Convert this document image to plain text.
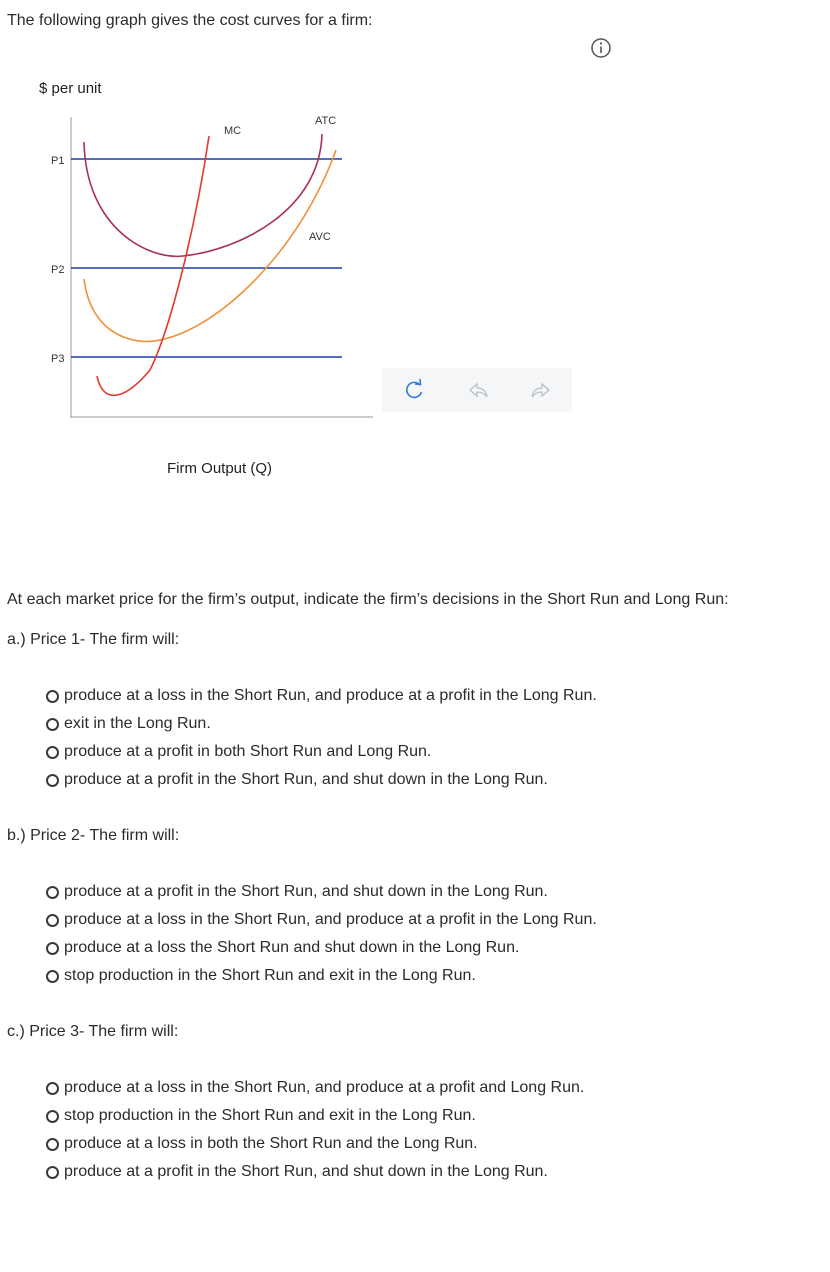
The following graph gives the cost curves for a firm:
$ per unit
P1
P2
P3
MC
ATC
AVC
Firm Output (Q)
At each market price for the firm’s output, indicate the firm’s decisions in the Short Run and Long Run:
a.) Price 1- The firm will:
produce at a loss in the Short Run, and produce at a profit in the Long Run.
exit in the Long Run.
produce at a profit in both Short Run and Long Run.
produce at a profit in the Short Run, and shut down in the Long Run.
b.) Price 2- The firm will:
produce at a profit in the Short Run, and shut down in the Long Run.
produce at a loss in the Short Run, and produce at a profit in the Long Run.
produce at a loss the Short Run and shut down in the Long Run.
stop production in the Short Run and exit in the Long Run.
c.) Price 3- The firm will:
produce at a loss in the Short Run, and produce at a profit and Long Run.
stop production in the Short Run and exit in the Long Run.
produce at a loss in both the Short Run and the Long Run.
produce at a profit in the Short Run, and shut down in the Long Run.
